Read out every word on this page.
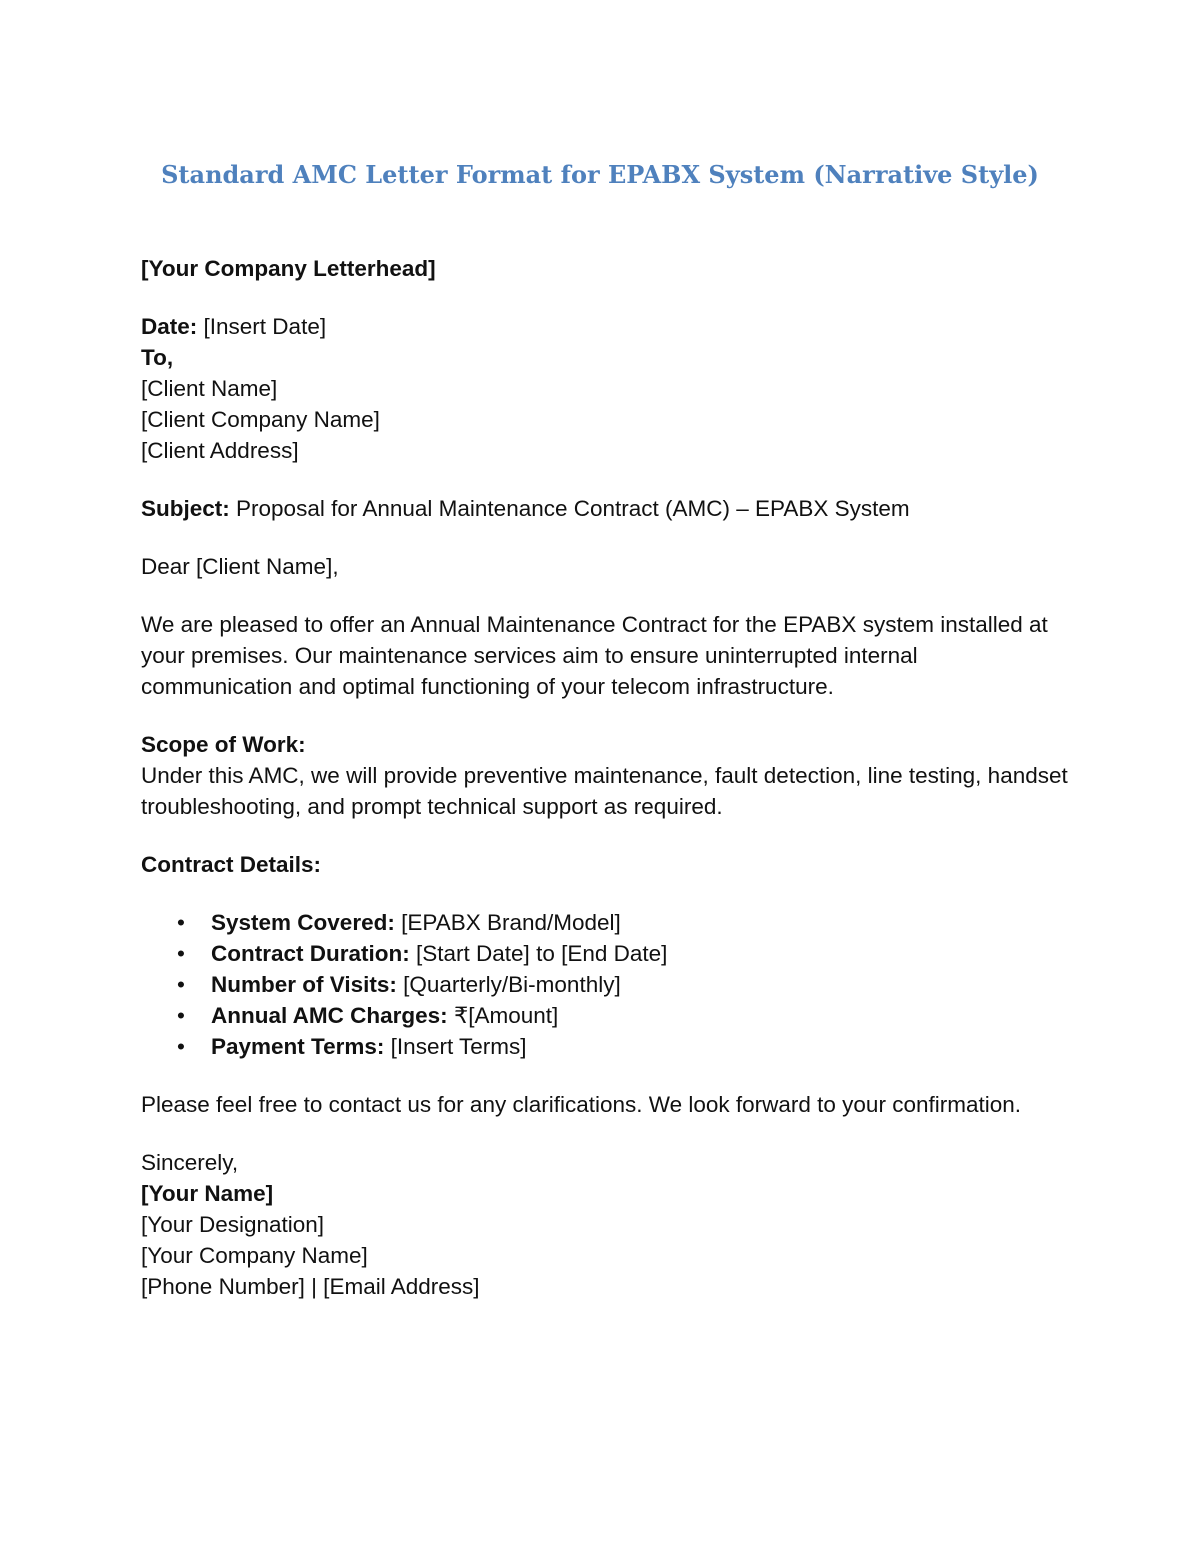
Standard AMC Letter Format for EPABX System (Narrative Style)

[Your Company Letterhead]

Date: [Insert Date]
To,
[Client Name]
[Client Company Name]
[Client Address]

Subject: Proposal for Annual Maintenance Contract (AMC) – EPABX System

Dear [Client Name],

We are pleased to offer an Annual Maintenance Contract for the EPABX system installed at your premises. Our maintenance services aim to ensure uninterrupted internal communication and optimal functioning of your telecom infrastructure.

Scope of Work:
Under this AMC, we will provide preventive maintenance, fault detection, line testing, handset troubleshooting, and prompt technical support as required.

Contract Details:

• System Covered: [EPABX Brand/Model]
• Contract Duration: [Start Date] to [End Date]
• Number of Visits: [Quarterly/Bi-monthly]
• Annual AMC Charges: ₹[Amount]
• Payment Terms: [Insert Terms]

Please feel free to contact us for any clarifications. We look forward to your confirmation.

Sincerely,
[Your Name]
[Your Designation]
[Your Company Name]
[Phone Number] | [Email Address]
